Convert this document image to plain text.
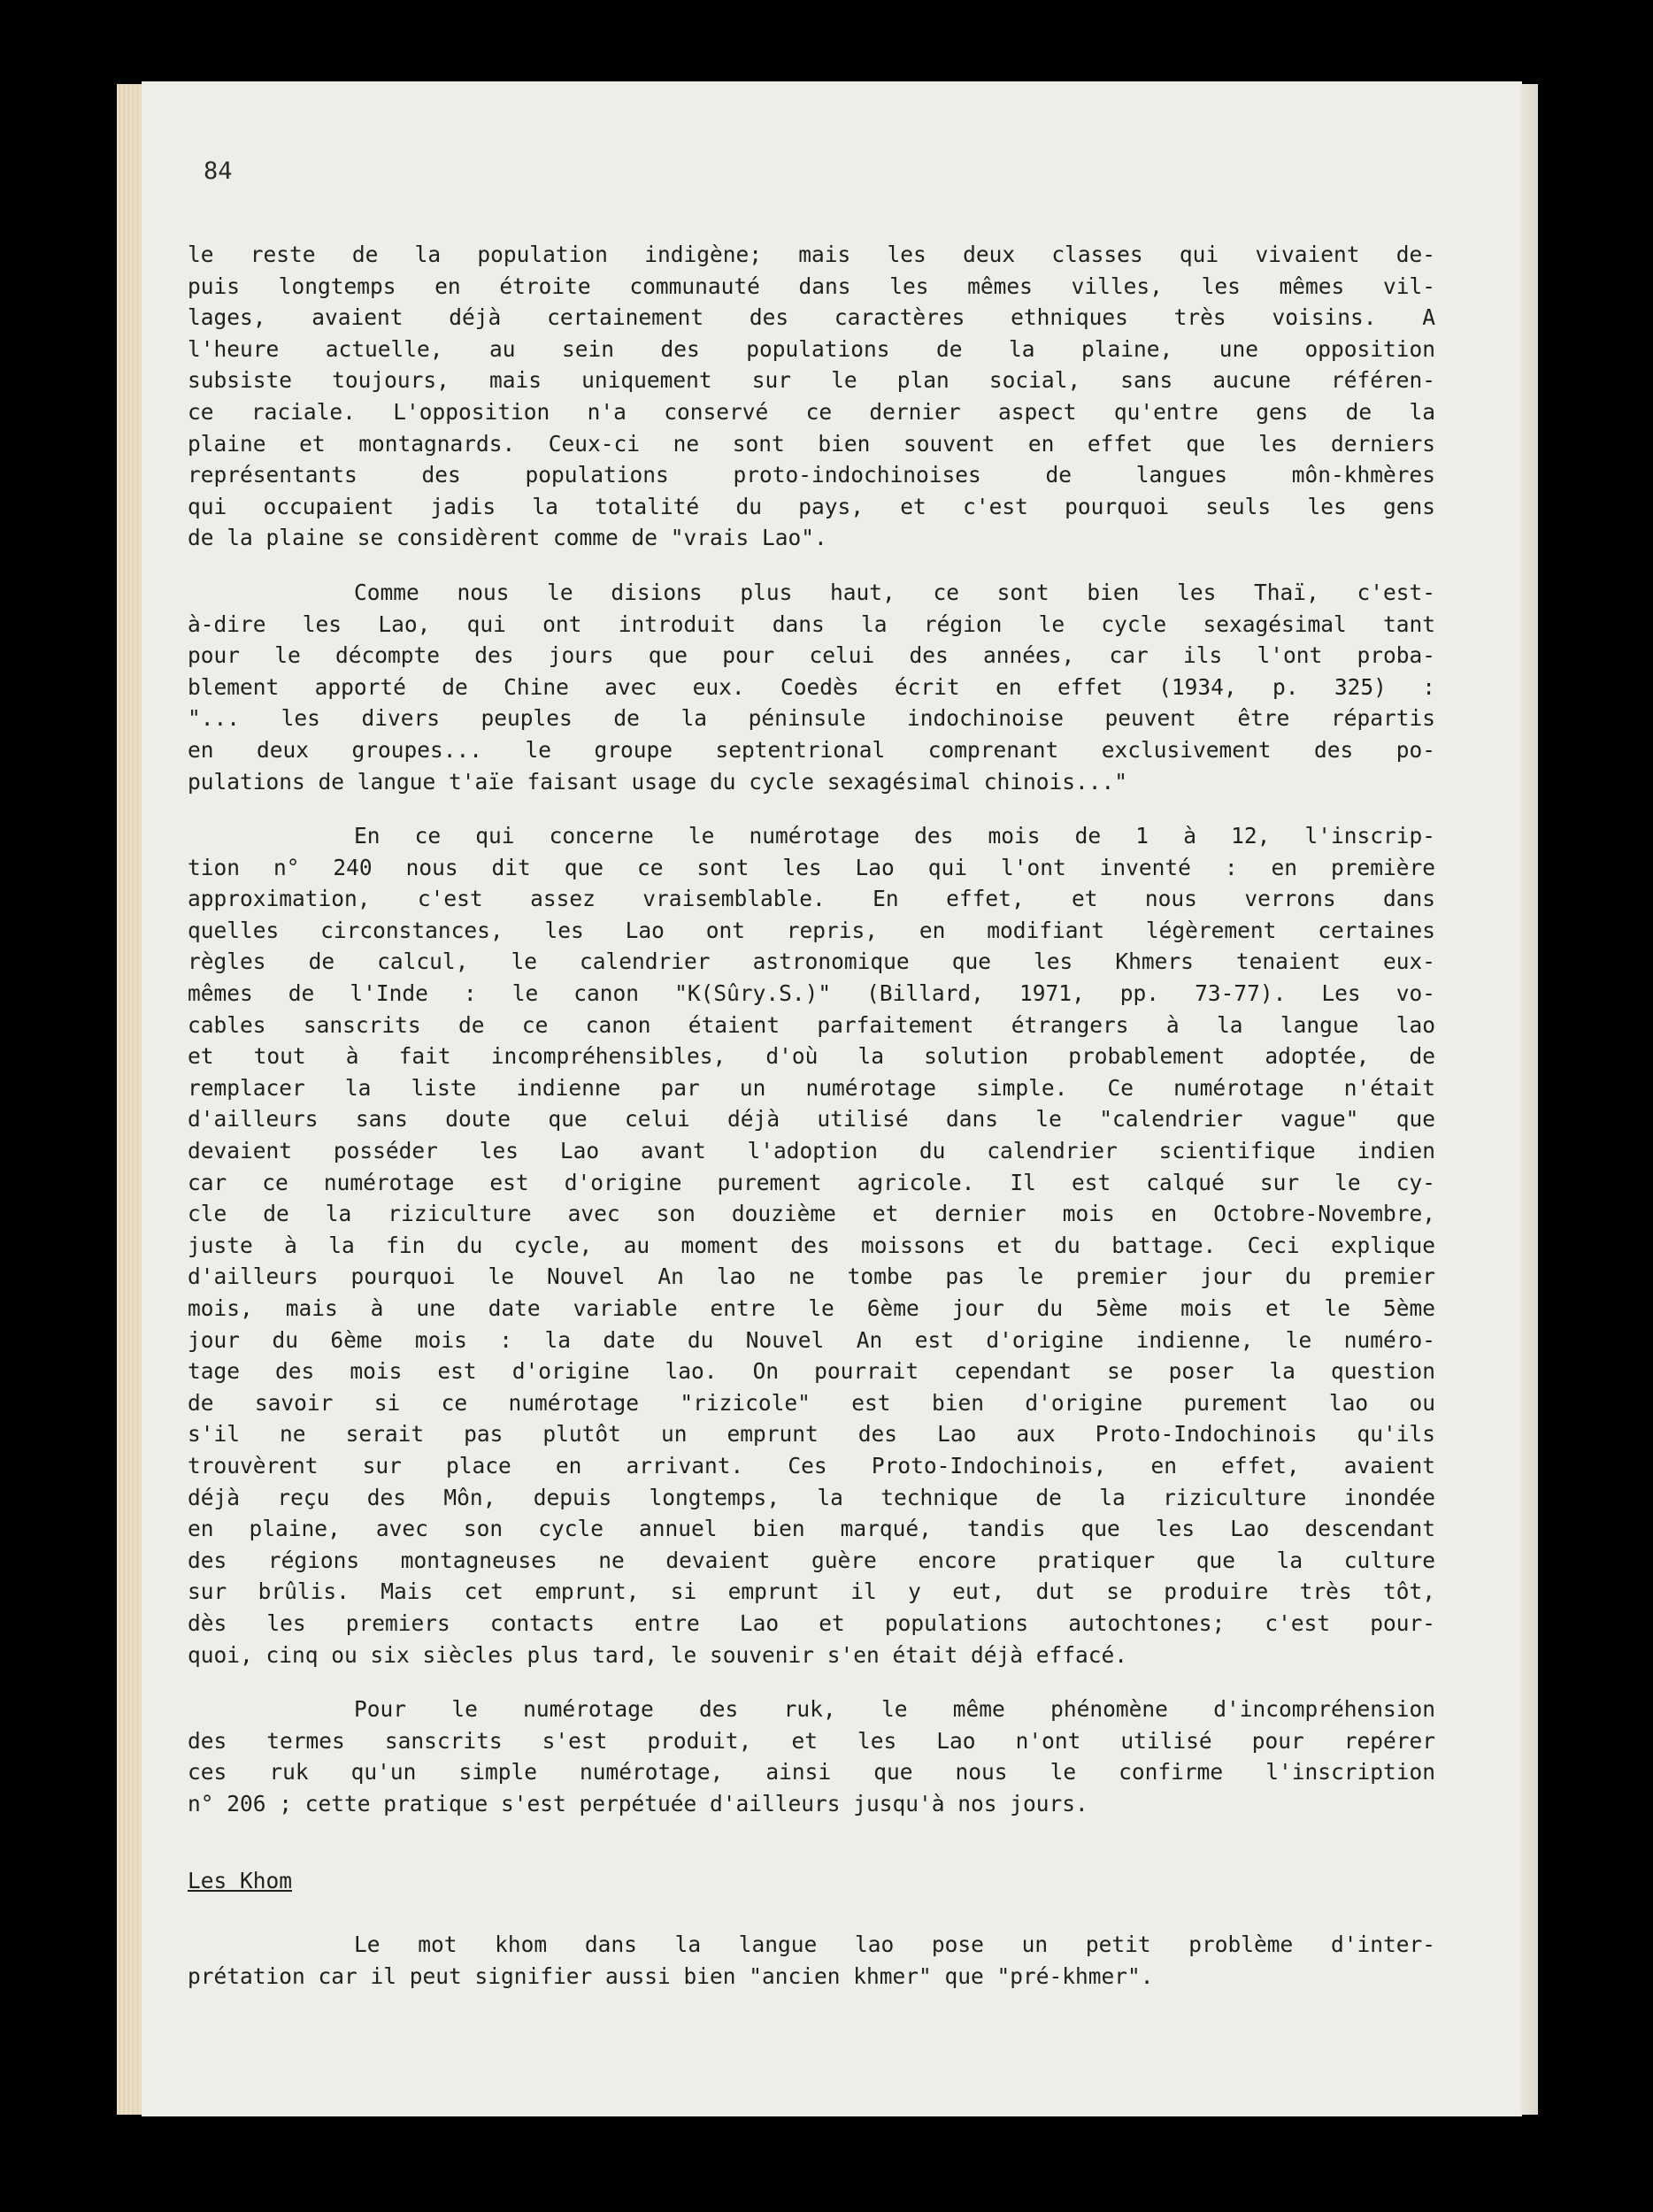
84

le reste de la population indigène; mais les deux classes qui vivaient de-

puis longtemps en étroite communauté dans les mêmes villes, les mêmes vil-

lages, avaient déjà certainement des caractères ethniques très voisins. A

l'heure actuelle, au sein des populations de la plaine, une opposition

subsiste toujours, mais uniquement sur le plan social, sans aucune référen-

ce raciale. L'opposition n'a conservé ce dernier aspect qu'entre gens de la

plaine et montagnards. Ceux-ci ne sont bien souvent en effet que les derniers

représentants des populations proto-indochinoises de langues môn-khmères

qui occupaient jadis la totalité du pays, et c'est pourquoi seuls les gens

de la plaine se considèrent comme de "vrais Lao".

Comme nous le disions plus haut, ce sont bien les Thaï, c'est-

à-dire les Lao, qui ont introduit dans la région le cycle sexagésimal tant

pour le décompte des jours que pour celui des années, car ils l'ont proba-

blement apporté de Chine avec eux. Coedès écrit en effet (1934, p. 325) :

"... les divers peuples de la péninsule indochinoise peuvent être répartis

en deux groupes... le groupe septentrional comprenant exclusivement des po-

pulations de langue t'aïe faisant usage du cycle sexagésimal chinois..."

En ce qui concerne le numérotage des mois de 1 à 12, l'inscrip-

tion n° 240 nous dit que ce sont les Lao qui l'ont inventé : en première

approximation, c'est assez vraisemblable. En effet, et nous verrons dans

quelles circonstances, les Lao ont repris, en modifiant légèrement certaines

règles de calcul, le calendrier astronomique que les Khmers tenaient eux-

mêmes de l'Inde : le canon "K(Sûry.S.)" (Billard, 1971, pp. 73-77). Les vo-

cables sanscrits de ce canon étaient parfaitement étrangers à la langue lao

et tout à fait incompréhensibles, d'où la solution probablement adoptée, de

remplacer la liste indienne par un numérotage simple. Ce numérotage n'était

d'ailleurs sans doute que celui déjà utilisé dans le "calendrier vague" que

devaient posséder les Lao avant l'adoption du calendrier scientifique indien

car ce numérotage est d'origine purement agricole. Il est calqué sur le cy-

cle de la riziculture avec son douzième et dernier mois en Octobre-Novembre,

juste à la fin du cycle, au moment des moissons et du battage. Ceci explique

d'ailleurs pourquoi le Nouvel An lao ne tombe pas le premier jour du premier

mois, mais à une date variable entre le 6ème jour du 5ème mois et le 5ème

jour du 6ème mois : la date du Nouvel An est d'origine indienne, le numéro-

tage des mois est d'origine lao. On pourrait cependant se poser la question

de savoir si ce numérotage "rizicole" est bien d'origine purement lao ou

s'il ne serait pas plutôt un emprunt des Lao aux Proto-Indochinois qu'ils

trouvèrent sur place en arrivant. Ces Proto-Indochinois, en effet, avaient

déjà reçu des Môn, depuis longtemps, la technique de la riziculture inondée

en plaine, avec son cycle annuel bien marqué, tandis que les Lao descendant

des régions montagneuses ne devaient guère encore pratiquer que la culture

sur brûlis. Mais cet emprunt, si emprunt il y eut, dut se produire très tôt,

dès les premiers contacts entre Lao et populations autochtones; c'est pour-

quoi, cinq ou six siècles plus tard, le souvenir s'en était déjà effacé.

Pour le numérotage des ruk, le même phénomène d'incompréhension

des termes sanscrits s'est produit, et les Lao n'ont utilisé pour repérer

ces ruk qu'un simple numérotage, ainsi que nous le confirme l'inscription

n° 206 ; cette pratique s'est perpétuée d'ailleurs jusqu'à nos jours.

Les Khom

Le mot khom dans la langue lao pose un petit problème d'inter-

prétation car il peut signifier aussi bien "ancien khmer" que "pré-khmer".
